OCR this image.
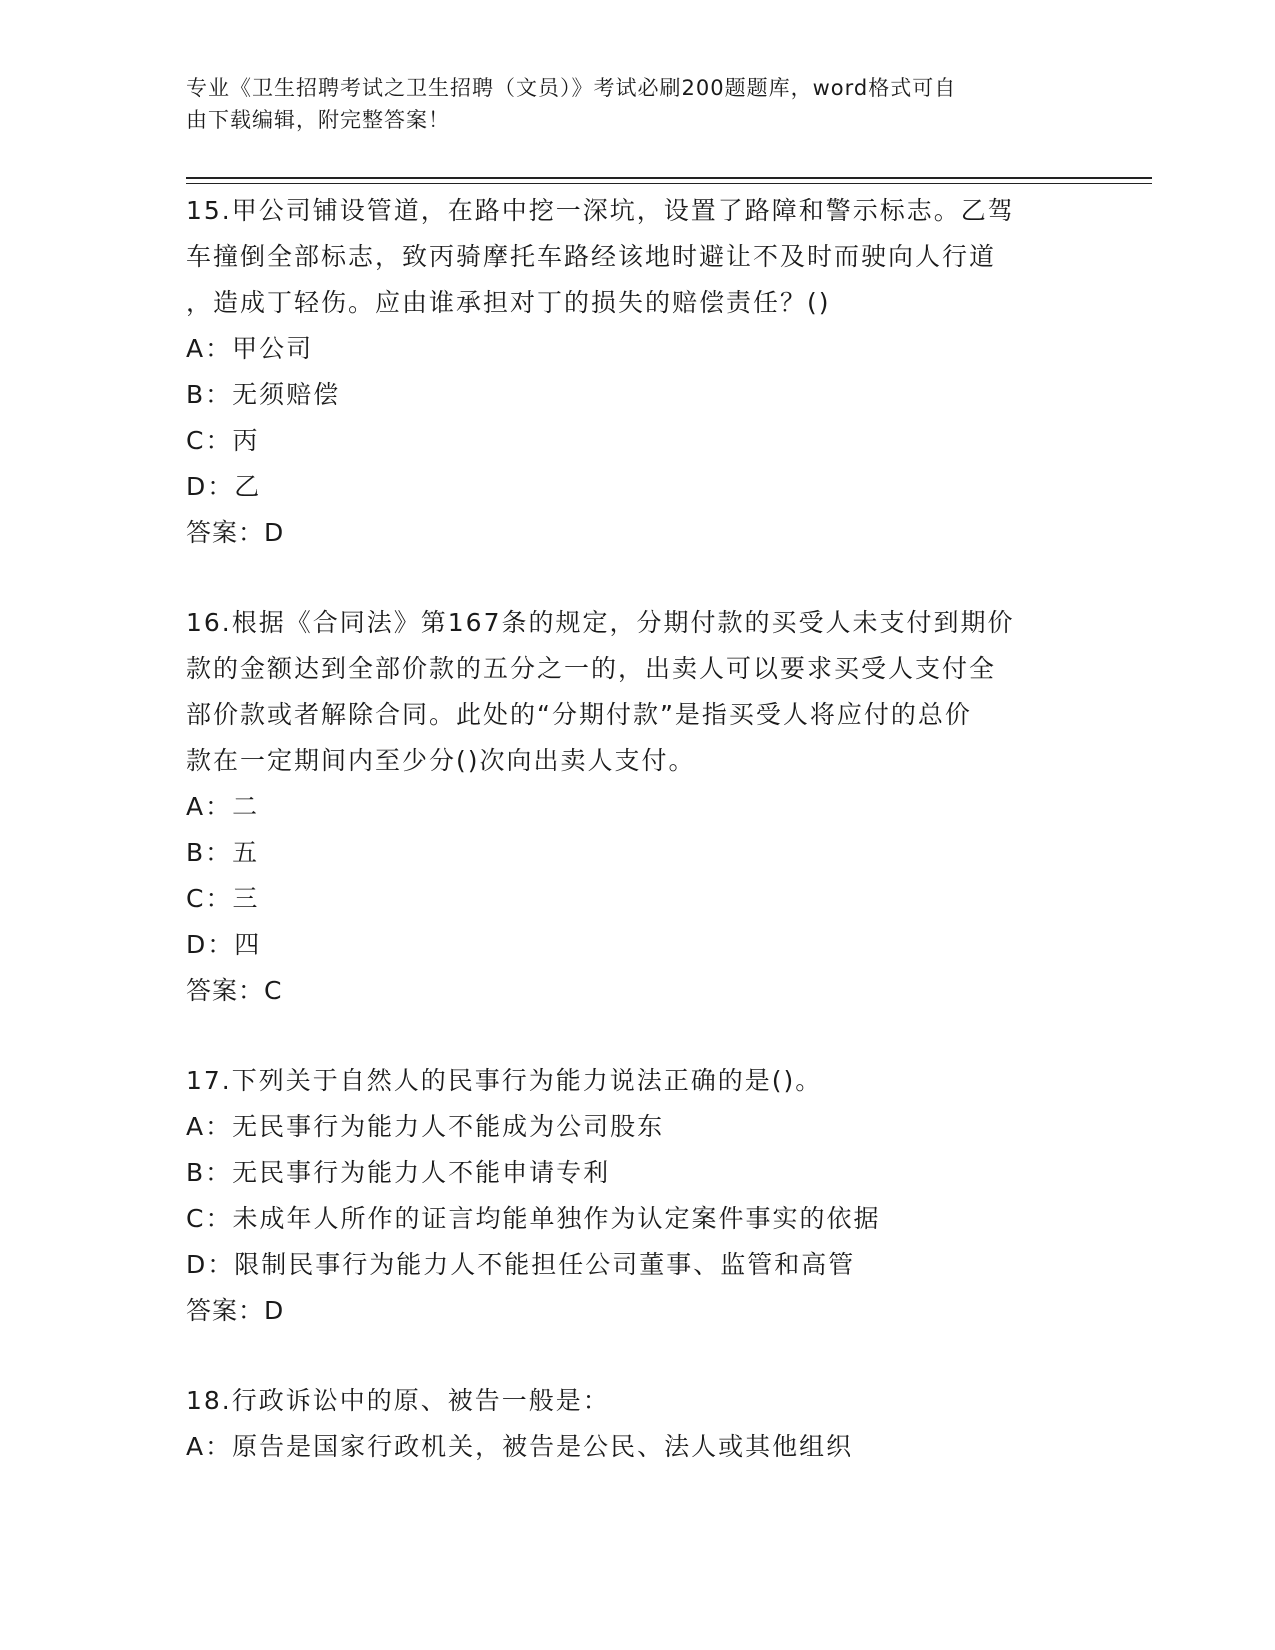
专业《卫生招聘考试之卫生招聘（文员）》考试必刷200题题库，word格式可自
由下载编辑，附完整答案！
15.甲公司铺设管道，在路中挖一深坑，设置了路障和警示标志。乙驾
车撞倒全部标志，致丙骑摩托车路经该地时避让不及时而驶向人行道
，造成丁轻伤。应由谁承担对丁的损失的赔偿责任？()
A：甲公司
B：无须赔偿
C：丙
D：乙
答案：D
16.根据《合同法》第167条的规定，分期付款的买受人未支付到期价
款的金额达到全部价款的五分之一的，出卖人可以要求买受人支付全
部价款或者解除合同。此处的“分期付款”是指买受人将应付的总价
款在一定期间内至少分()次向出卖人支付。
A：二
B：五
C：三
D：四
答案：C
17.下列关于自然人的民事行为能力说法正确的是()。
A：无民事行为能力人不能成为公司股东
B：无民事行为能力人不能申请专利
C：未成年人所作的证言均能单独作为认定案件事实的依据
D：限制民事行为能力人不能担任公司董事、监管和高管
答案：D
18.行政诉讼中的原、被告一般是：
A：原告是国家行政机关，被告是公民、法人或其他组织
